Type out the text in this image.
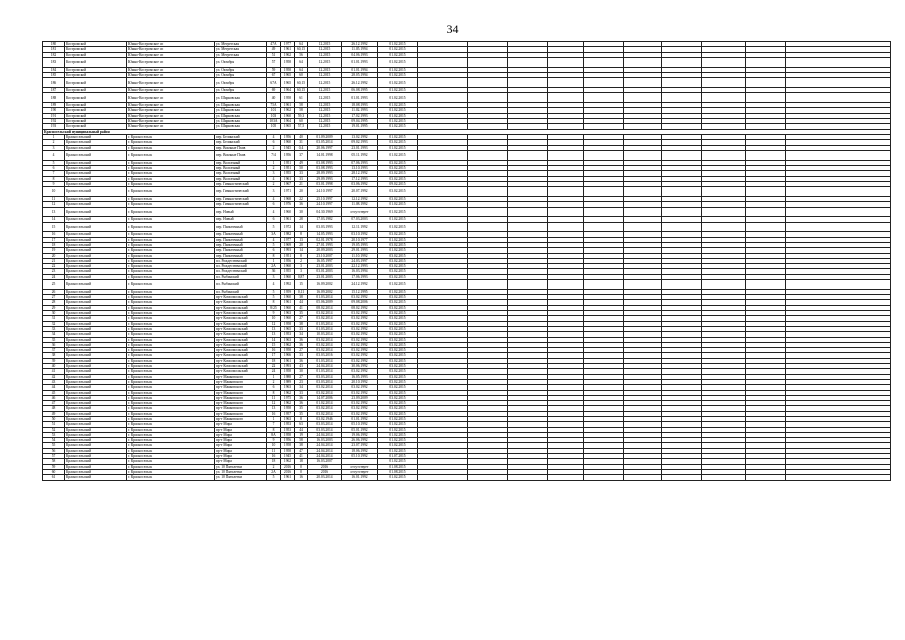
34
180	Костромской	Южно-Костромское сп	ул. Мегрегская	47А	1977	64	12.2015	26.12.1992	01.02.2015										
181	Костромской	Южно-Костромское сп	ул. Мегрегская	49	1961	60,15	12.2015	11.05.1994	01.02.2015										
182	Костромской	Южно-Костромское сп	ул. Мегрегская	51	1962	56	12.2015	04.06.1993	01.02.2015										
183	Костромской	Южно-Костромское сп	ул. Октября	57	1958	64	12.2015	01.01.1993	01.02.2015										
184	Костромской	Южно-Костромское сп	ул. Октября	59	1958	64	12.2015	01.01.1994	01.02.2015										
185	Костромской	Южно-Костромское сп	ул. Октября	67	1965	60	12.2015	28.05.1994	01.02.2015										
186	Костромской	Южно-Костромское сп	ул. Октября	67А	1965	60,15	12.2015	26.12.1992	01.02.2015										
187	Костромской	Южно-Костромское сп	ул. Октября	69	1964	60,15	12.2015	06.08.1995	01.02.2015										
188	Костромской	Южно-Костромское сп	ул. Шарковская	40	1958	61	12.2015	01.01.1993	01.02.2015										
189	Костромской	Южно-Костромское сп	ул. Шарковская	75А	1961	58	12.2015	18.08.1993	01.02.2015										
190	Костромской	Южно-Костромское сп	ул. Шарковская	101	1962	58	12.2015	11.02.1993	01.02.2015										
191	Костромской	Южно-Костромское сп	ул. Шарковская	103	1960	59,3	12.2015	17.02.1993	01.02.2015										
192	Костромской	Южно-Костромское сп	ул. Шарковская	103А	1964	60	12.2015	09.04.1995	01.02.2015										
193	Костромской	Южно-Костромское сп	ул. Шарковская	105	1965	57,5	12.2015	19.01.1995	01.02.2015										
Красносельский муниципальный район																			
1	Красносельский	г. Красносельск	пер. Белинский	4	1956	40	01.09.2009	13.02.1992	01.02.2015										
2	Красносельский	г. Красносельск	пер. Белинский	6	1960	31	03.05.2014	09.02.1993	03.02.2015										
3	Красносельский	г. Красносельск	пер. Вокзные Пхив	2	1945	0,4	20.06.1997	23.01.1993	01.02.2015										
4	Красносельский	г. Красносельск	пер. Вокзные Пхив	7/4	1956	37	14.01.1998	05.11.1992	01.02.2015										
5	Красносельский	г. Красносельск	пер. Волгачный	1	1951	49	03.08.1993	07.06.1993	03.02.2015										
6	Красносельский	г. Красносельск	пер. Волгачный	2	1951	50	03.08.1993	13.10.1993	03.02.2015										
7	Красносельский	г. Красносельск	пер. Волгачный	3	1955	33	28.09.1993	28.12.1992	03.02.2015										
8	Красносельский	г. Красносельск	пер. Волгачный	4	1961	33	29.09.1993	17.12.1993	03.02.2015										
9	Красносельский	г. Красносельск	пер. Гимнастический	2	1967	21	03.01.1998	03.06.1992	09.02.2015										
10	Красносельский	г. Красносельск	пер. Гимнастический	3	1971	20	24.10.1997	20.07.1992	03.02.2015										
11	Красносельский	г. Красносельск	пер. Гимнастический	4	1968	22	25.10.1997	12.12.1992	03.02.2015										
12	Красносельский	г. Красносельск	пер. Гимнастический	6	1976	36	24.10.1997	11.08.1992	01.02.2015										
13	Красносельский	г. Красносельск	пер. Новый	4	1960	30	04.30.1969	отсутствует	01.02.2015										
14	Красносельский	г. Красносельск	пер. Новый	6	1961	28	17.03.1982	07.03.2003	01.02.2015										
15	Красносельский	г. Красносельск	пер. Пильтичный	5	1972	14	03.03.1993	12.11.1992	01.02.2015										
16	Красносельский	г. Красносельск	пер. Пильтичный	3А	1982	8	14.05.1993	03.10.1992	03.02.2015										
17	Красносельский	г. Красносельск	пер. Пильтичный	4	1977	13	02.01.1978	20.10.1977	01.02.2015										
18	Красносельский	г. Красносельск	пер. Пильтичный	5	1969	20	27.01.1993	19.05.1993	03.02.2015										
19	Красносельский	г. Красносельск	пер. Пильтичный	6	1993	14	20.09.2003	29.01.1993	01.02.2015										
20	Красносельский	г. Красносельск	пер. Пильтичный	8	1951	8	23.10.2007	11.10.1992	03.02.2015										
21	Красносельский	г. Красносельск	пл. Рождественский	1	1956	2	16.05.1997	24.03.1997	03.02.2015										
22	Красносельский	г. Красносельск	пл. Рождественский	2А	1960	3	23.01.2003	22.12.1993	03.02.2015										
23	Красносельский	г. Красносельск	пл. Рождественский	36	1955	3	03.01.2003	16.03.1994	03.02.2015										
24	Красносельский	г. Красносельск	пл. Рыбинский	3	1960	0,87	23.01.2003	17.06.1993	03.02.2015										
25	Красносельский	г. Красносельск	пл. Рыбинский	4	1992	15	16.09.2002	24.12.1992	01.02.2015										
26	Красносельский	г. Красносельск	пл. Рыбинский	5	1959	0,11	16.09.2002	15.12.1995	01.02.2015										
27	Красносельский	г. Красносельск	пр-т Комсомольский	5	1960	38	01.03.2014	03.02.1992	03.02.2015										
28	Красносельский	г. Красносельск	пр-т Комсомольский	8	1961	44	05.06.2009	09.08.2006	03.02.2015										
29	Красносельский	г. Красносельск	пр-т Комсомольский	8/25	1960	41	08.02.2014	08.02.1992	03.02.2015										
30	Красносельский	г. Красносельск	пр-т Комсомольский	9	1963	35	03.02.2014	03.02.1992	03.02.2015										
31	Красносельский	г. Красносельск	пр-т Комсомольский	10	1960	27	03.02.2014	03.02.1992	03.02.2015										
32	Красносельский	г. Красносельск	пр-т Комсомольский	12	1958	38	01.03.2014	03.02.1992	03.02.2015										
33	Красносельский	г. Красносельск	пр-т Комсомольский	13	1965	33	01.03.2014	03.02.1992	03.02.2015										
34	Красносельский	г. Красносельск	пр-т Комсомольский	13	1953	34	10.03.2014	03.02.1992	03.02.2015										
35	Красносельский	г. Красносельск	пр-т Комсомольский	14	1963	36	03.02.2014	03.02.1992	03.02.2015										
36	Красносельский	г. Красносельск	пр-т Комсомольский	15	1962	36	03.02.2014	03.02.1992	03.02.2015										
37	Красносельский	г. Красносельск	пр-т Комсомольский	16	1958	27	03.02.2014	03.02.1992	03.02.2015										
38	Красносельский	г. Красносельск	пр-т Комсомольский	17	1966	33	03.03.2016	03.02.1992	03.02.2015										
39	Красносельский	г. Красносельск	пр-т Комсомольский	18	1961	36	01.03.2014	03.02.1992	03.02.2015										
40	Красносельский	г. Красносельск	пр-т Комсомольский	22	1993	43	24.04.2014	30.06.1992	03.02.2015										
41	Красносельский	г. Красносельск	пр-т Комсомольский	24	1958	30	01.03.2014	03.02.1992	03.02.2015										
42	Красносельский	г. Красносельск	пр-т Маяковского	1	1988	27	03.03.2014	16.05.1993	03.02.2015										
43	Красносельский	г. Красносельск	пр-т Маяковского	2	1989	23	03.03.2014	20.10.1992	03.02.2015										
44	Красносельский	г. Красносельск	пр-т Маяковского	6	1963	34	03.02.2014	03.02.1992	03.02.2015										
45	Красносельский	г. Красносельск	пр-т Маяковского	8	1962	33	03.02.2014	03.02.1992	03.02.2015										
46	Красносельский	г. Красносельск	пр-т Маяковского	11	1975	36	14.07.2006	23.09.2009	03.02.2015										
47	Красносельский	г. Красносельск	пр-т Маяковского	12	1962	36	01.02.2014	03.02.1992	03.02.2015										
48	Красносельский	г. Красносельск	пр-т Маяковского	13	1958	35	03.02.2014	03.02.1992	03.02.2015										
49	Красносельский	г. Красносельск	пр-т Маяковского	16	1957	35	03.02.2014	03.02.1992	03.02.2015										
50	Красносельский	г. Красносельск	пр-т Маяковского	1	1963	8	03.02.1946	01.01.1992	01.02.2015										
51	Красносельский	г. Красносельск	пр-т Мира	7	1953	63	03.03.2014	05.10.1992	01.02.2015										
52	Красносельский	г. Красносельск	пр-т Мира	8	1953	44	03.03.2014	05.01.1992	01.02.2015										
53	Красносельский	г. Красносельск	пр-т Мира	8А	1958	19	24.04.2014	19.06.1992	01.02.2015										
54	Красносельский	г. Красносельск	пр-т Мира	9	1956	58	16.03.2003	26.06.1992	01.02.2015										
55	Красносельский	г. Красносельск	пр-т Мира	10	1958	38	24.04.2014	23.07.1992	01.02.2015										
56	Красносельский	г. Красносельск	пр-т Мира	11	1958	47	24.04.2014	18.06.1992	01.02.2015										
57	Красносельский	г. Красносельск	пр-т Мира	16	1945	41	24.04.2014	05.10.1992	01.07.2015										
58	Красносельский	г. Красносельск	пр-т Мира	18	1962	18	16.03.2007		01.02.2015										
59	Красносельский	г. Красносельск	ул. 10 Пятилетки	2	2016	0	2016	отсутствует	01.08.2015										
60	Красносельский	г. Красносельск	ул. 10 Пятилетки	2А	2016	0	2016	отсутствует	01.08.2015										
61	Красносельский	г. Красносельск	ул. 10 Пятилетки	5	1961	16	20.03.2014	16.01.1992	01.02.2015										
